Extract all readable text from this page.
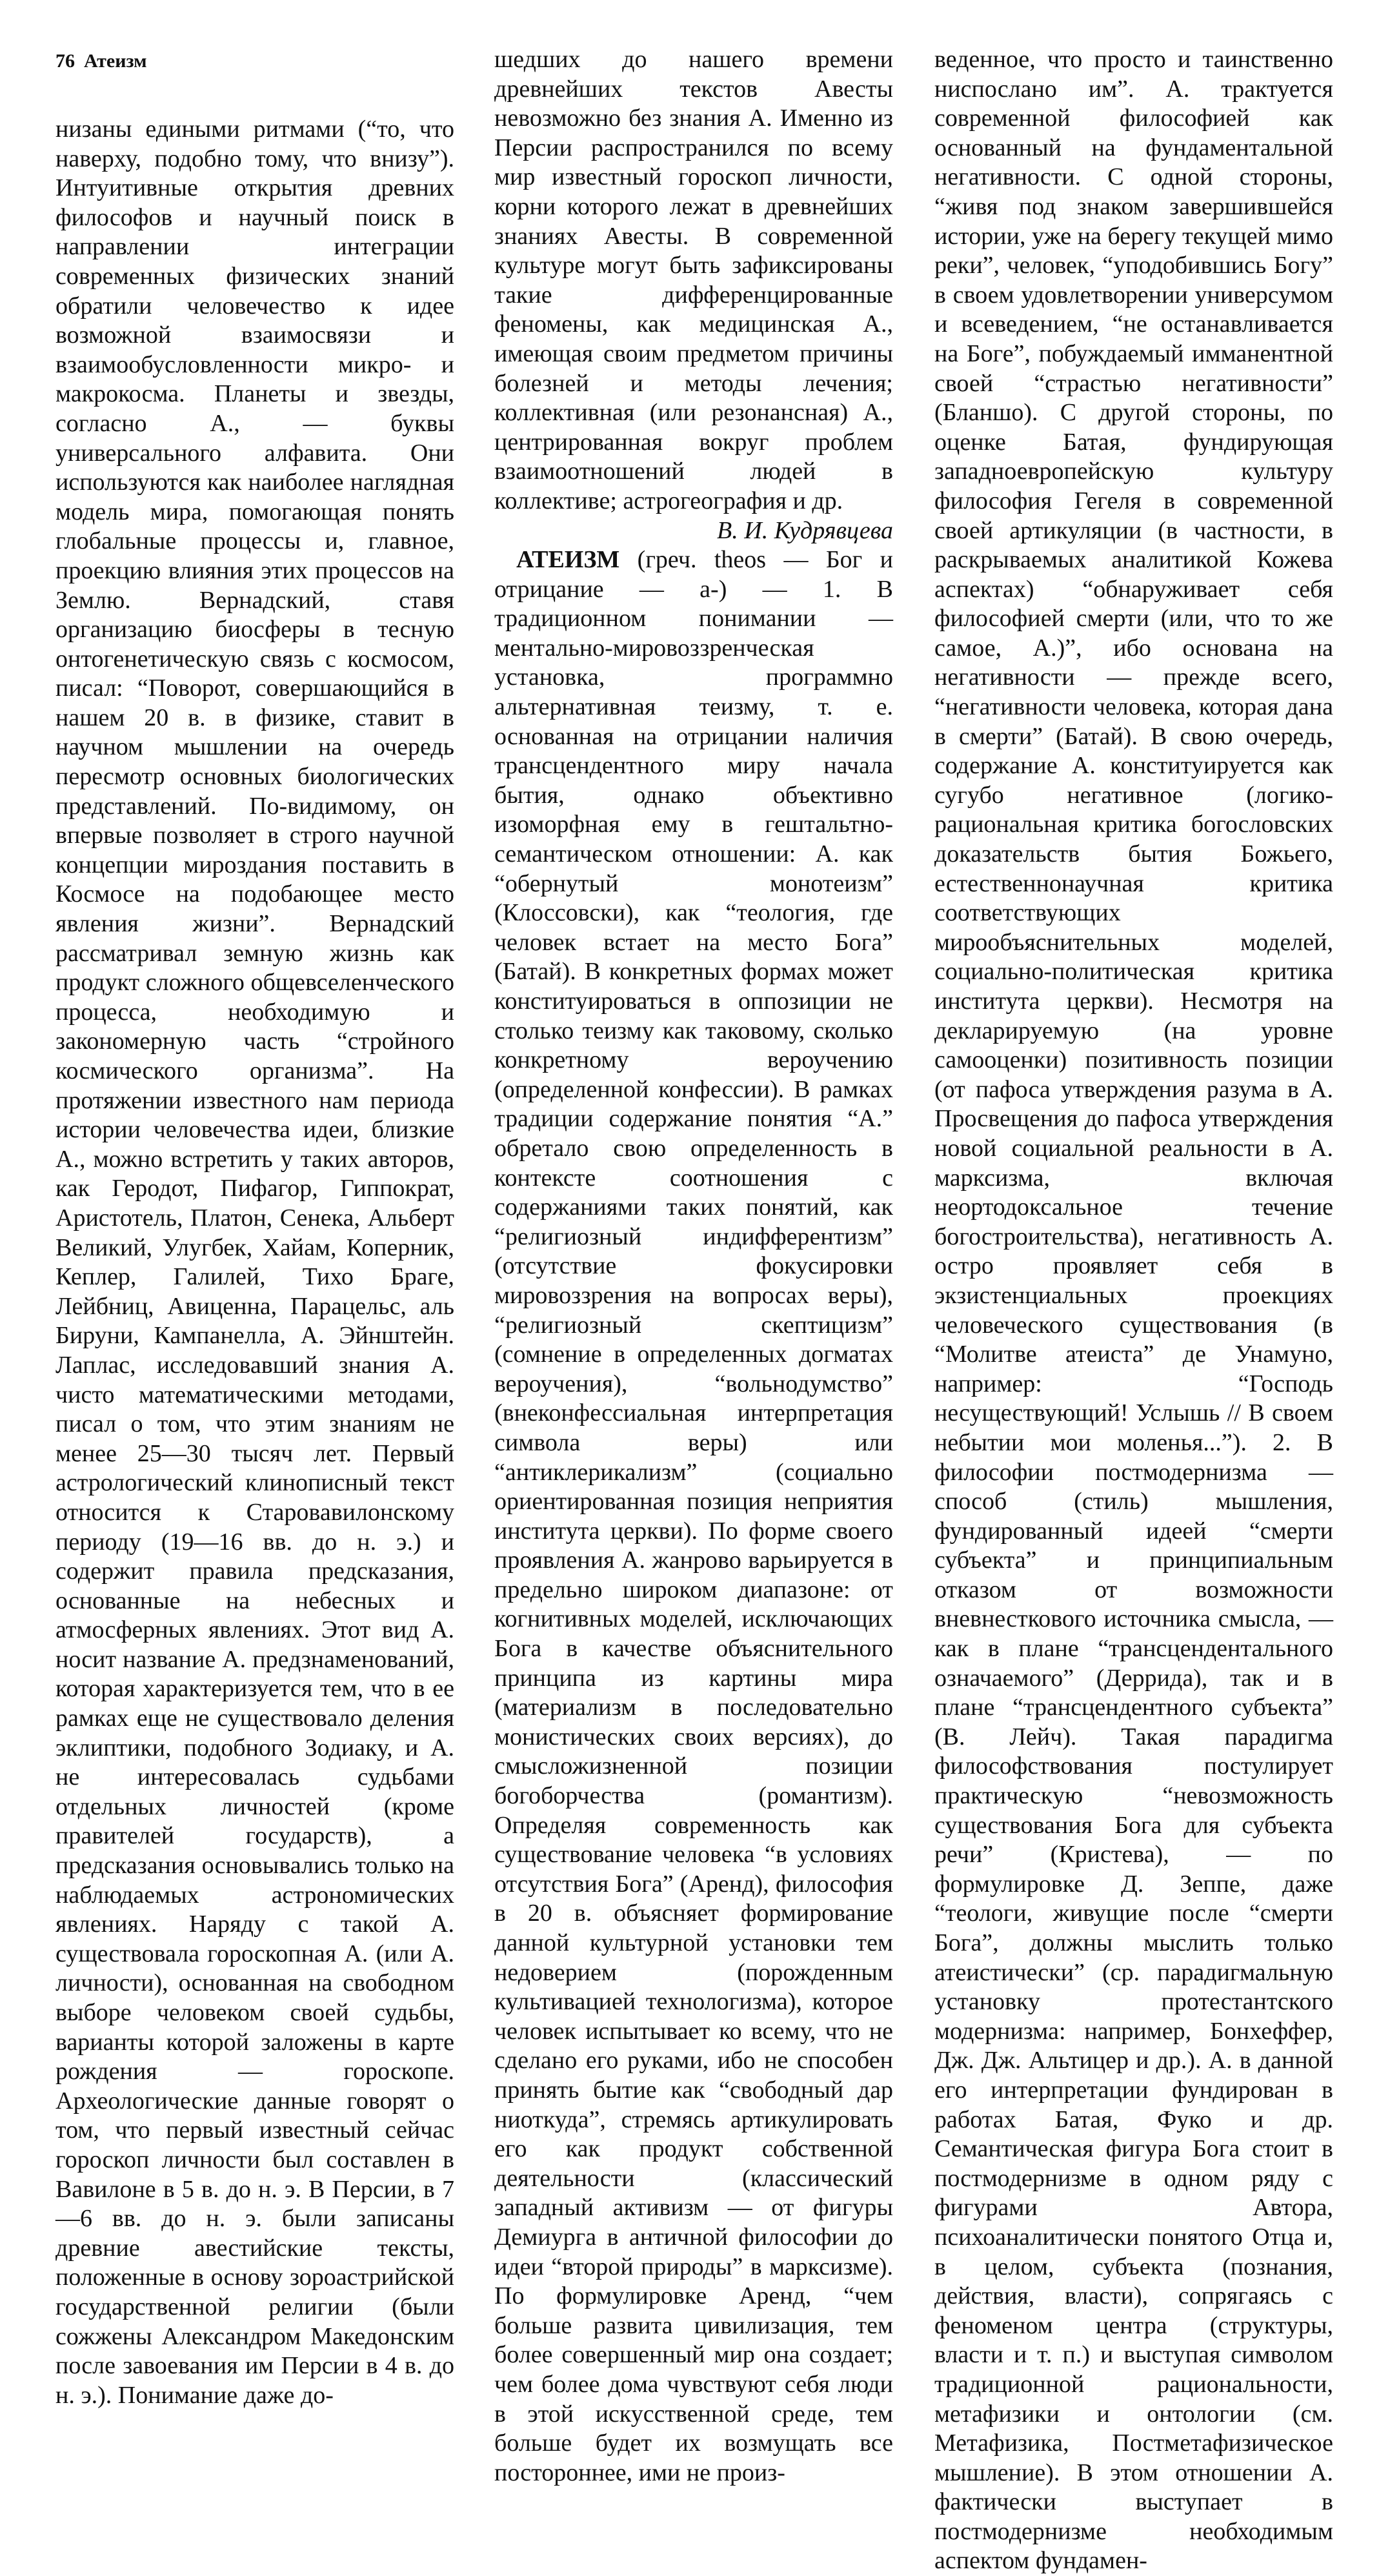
76 Атеизм

низаны едиными ритмами (“то, что наверху, подобно тому, что внизу”). Интуитивные открытия древних философов и научный поиск в направлении интеграции современных физических знаний обратили человечество к идее возможной взаимосвязи и взаимообусловленности микро- и макрокосма. Планеты и звезды, согласно А., — буквы универсального алфавита. Они используются как наиболее наглядная модель мира, помогающая понять глобальные процессы и, главное, проекцию влияния этих процессов на Землю. Вернадский, ставя организацию биосферы в тесную онтогенетическую связь с космосом, писал: “Поворот, совершающийся в нашем 20 в. в физике, ставит в научном мышлении на очередь пересмотр основных биологических представлений. По-видимому, он впервые позволяет в строго научной концепции мироздания поставить в Космосе на подобающее место явления жизни”. Вернадский рассматривал земную жизнь как продукт сложного общевселенческого процесса, необходимую и закономерную часть “стройного космического организма”. На протяжении известного нам периода истории человечества идеи, близкие А., можно встретить у таких авторов, как Геродот, Пифагор, Гиппократ, Аристотель, Платон, Сенека, Альберт Великий, Улугбек, Хайам, Коперник, Кеплер, Галилей, Тихо Браге, Лейбниц, Авиценна, Парацельс, аль Бируни, Кампанелла, А. Эйнштейн. Лаплас, исследовавший знания А. чисто математическими методами, писал о том, что этим знаниям не менее 25—30 тысяч лет. Первый астрологический клинописный текст относится к Старовавилонскому периоду (19—16 вв. до н. э.) и содержит правила предсказания, основанные на небесных и атмосферных явлениях. Этот вид А. носит название А. предзнаменований, которая характеризуется тем, что в ее рамках еще не существовало деления эклиптики, подобного Зодиаку, и А. не интересовалась судьбами отдельных личностей (кроме правителей государств), а предсказания основывались только на наблюдаемых астрономических явлениях. Наряду с такой А. существовала гороскопная А. (или А. личности), основанная на свободном выборе человеком своей судьбы, варианты которой заложены в карте рождения — гороскопе. Археологические данные говорят о том, что первый известный сейчас гороскоп личности был составлен в Вавилоне в 5 в. до н. э. В Персии, в 7—6 вв. до н. э. были записаны древние авестийские тексты, положенные в основу зороастрийской государственной религии (были сожжены Александром Македонским после завоевания им Персии в 4 в. до н. э.). Понимание даже до-

шедших до нашего времени древнейших текстов Авесты невозможно без знания А. Именно из Персии распространился по всему мир известный гороскоп личности, корни которого лежат в древнейших знаниях Авесты. В современной культуре могут быть зафиксированы такие дифференцированные феномены, как медицинская А., имеющая своим предметом причины болезней и методы лечения; коллективная (или резонансная) А., центрированная вокруг проблем взаимоотношений людей в коллективе; астрогеография и др.

В. И. Кудрявцева

АТЕИЗМ (греч. theos — Бог и отрицание — а-) — 1. В традиционном понимании — ментально-мировоззренческая установка, программно альтернативная теизму, т. е. основанная на отрицании наличия трансцендентного миру начала бытия, однако объективно изоморфная ему в гештальтно-семантическом отношении: А. как “обернутый монотеизм” (Клоссовски), как “теология, где человек встает на место Бога” (Батай). В конкретных формах может конституироваться в оппозиции не столько теизму как таковому, сколько конкретному вероучению (определенной конфессии). В рамках традиции содержание понятия “А.” обретало свою определенность в контексте соотношения с содержаниями таких понятий, как “религиозный индифферентизм” (отсутствие фокусировки мировоззрения на вопросах веры), “религиозный скептицизм” (сомнение в определенных догматах вероучения), “вольнодумство” (внеконфессиальная интерпретация символа веры) или “антиклерикализм” (социально ориентированная позиция неприятия института церкви). По форме своего проявления А. жанрово варьируется в предельно широком диапазоне: от когнитивных моделей, исключающих Бога в качестве объяснительного принципа из картины мира (материализм в последовательно монистических своих версиях), до смысложизненной позиции богоборчества (романтизм). Определяя современность как существование человека “в условиях отсутствия Бога” (Аренд), философия в 20 в. объясняет формирование данной культурной установки тем недоверием (порожденным культивацией технологизма), которое человек испытывает ко всему, что не сделано его руками, ибо не способен принять бытие как “свободный дар ниоткуда”, стремясь артикулировать его как продукт собственной деятельности (классический западный активизм — от фигуры Демиурга в античной философии до идеи “второй природы” в марксизме). По формулировке Аренд, “чем больше развита цивилизация, тем более совершенный мир она создает; чем более дома чувствуют себя люди в этой искусственной среде, тем больше будет их возмущать все постороннее, ими не произ-

веденное, что просто и таинственно ниспослано им”. А. трактуется современной философией как основанный на фундаментальной негативности. С одной стороны, “живя под знаком завершившейся истории, уже на берегу текущей мимо реки”, человек, “уподобившись Богу” в своем удовлетворении универсумом и всеведением, “не останавливается на Боге”, побуждаемый имманентной своей “страстью негативности” (Бланшо). С другой стороны, по оценке Батая, фундирующая западноевропейскую культуру философия Гегеля в современной своей артикуляции (в частности, в раскрываемых аналитикой Кожева аспектах) “обнаруживает себя философией смерти (или, что то же самое, А.)”, ибо основана на негативности — прежде всего, “негативности человека, которая дана в смерти” (Батай). В свою очередь, содержание А. конституируется как сугубо негативное (логико-рациональная критика богословских доказательств бытия Божьего, естественнонаучная критика соответствующих мирообъяснительных моделей, социально-политическая критика института церкви). Несмотря на декларируемую (на уровне самооценки) позитивность позиции (от пафоса утверждения разума в А. Просвещения до пафоса утверждения новой социальной реальности в А. марксизма, включая неортодоксальное течение богостроительства), негативность А. остро проявляет себя в экзистенциальных проекциях человеческого существования (в “Молитве атеиста” де Унамуно, например: “Господь несуществующий! Услышь // В своем небытии мои моленья...”). 2. В философии постмодернизма — способ (стиль) мышления, фундированный идеей “смерти субъекта” и принципиальным отказом от возможности вневнесткового источника смысла, — как в плане “трансцендентального означаемого” (Деррида), так и в плане “трансцендентного субъекта” (В. Лейч). Такая парадигма философствования постулирует практическую “невозможность существования Бога для субъекта речи” (Кристева), — по формулировке Д. Зеппе, даже “теологи, живущие после “смерти Бога”, должны мыслить только атеистически” (ср. парадигмальную установку протестантского модернизма: например, Бонхеффер, Дж. Дж. Альтицер и др.). А. в данной его интерпретации фундирован в работах Батая, Фуко и др. Семантическая фигура Бога стоит в постмодернизме в одном ряду с фигурами Автора, психоаналитически понятого Отца и, в целом, субъекта (познания, действия, власти), сопрягаясь с феноменом центра (структуры, власти и т. п.) и выступая символом традиционной рациональности, метафизики и онтологии (см. Метафизика, Постметафизическое мышление). В этом отношении А. фактически выступает в постмодернизме необходимым аспектом фундамен-
